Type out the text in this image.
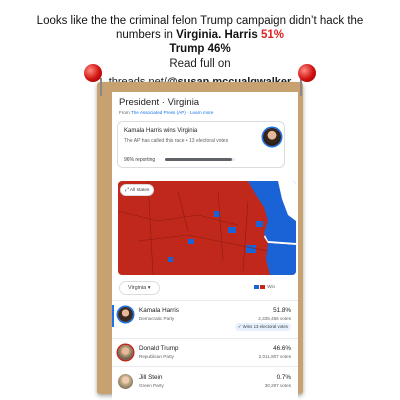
Looks like the the criminal felon Trump campaign didn’t hack the
numbers in Virginia. Harris 51%
Trump 46%
Read full on
President · Virginia
From The Associated Press (AP) · Learn more
Kamala Harris wins Virginia
The AP has called this race • 13 electoral votes
96% reporting
⤢ All states
Virginia ▾	Win
Kamala Harris
Democratic Party
51.8%
2,335,456 votes
✓ Wins 13 electoral votes
Donald Trump
Republican Party
46.6%
2,011,807 votes
Jill Stein
Green Party
0.7%
30,297 votes
